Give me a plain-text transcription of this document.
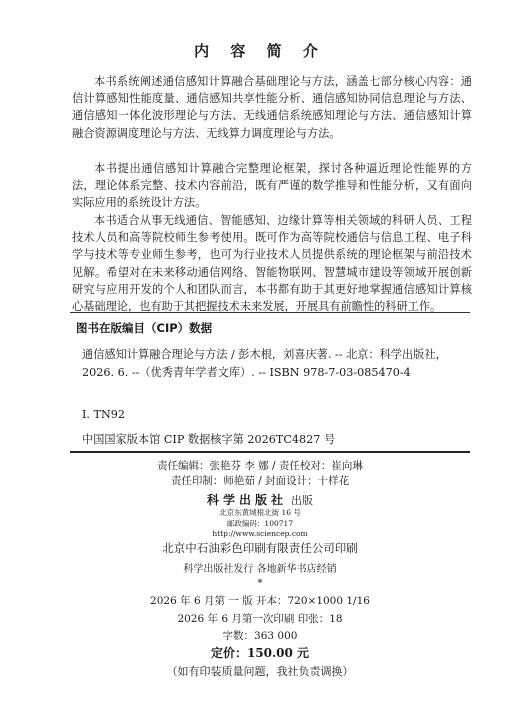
内 容 简 介

本书系统阐述通信感知计算融合基础理论与方法，涵盖七部分核心内容：通信计算感知性能度量、通信感知共享性能分析、通信感知协同信息理论与方法、通信感知一体化波形理论与方法、无线通信系统感知理论与方法、通信感知计算融合资源调度理论与方法、无线算力调度理论与方法。

本书提出通信感知计算融合完整理论框架，探讨各种逼近理论性能界的方法，理论体系完整、技术内容前沿，既有严谨的数学推导和性能分析，又有面向实际应用的系统设计方法。

本书适合从事无线通信、智能感知、边缘计算等相关领域的科研人员、工程技术人员和高等院校师生参考使用。既可作为高等院校通信与信息工程、电子科学与技术等专业师生参考，也可为行业技术人员提供系统的理论框架与前沿技术见解。希望对在未来移动通信网络、智能物联网、智慧城市建设等领域开展创新研究与应用开发的个人和团队而言，本书都有助于其更好地掌握通信感知计算核心基础理论，也有助于其把握技术未来发展，开展具有前瞻性的科研工作。

图书在版编目（CIP）数据

通信感知计算融合理论与方法 / 彭木根，刘喜庆著. -- 北京：科学出版社，2026. 6. --（优秀青年学者文库）. -- ISBN 978-7-03-085470-4

Ⅰ. TN92
中国国家版本馆 CIP 数据核字第 2026TC4827 号
责任编辑：张艳芬 李 娜 / 责任校对：崔向琳
责任印制：师艳茹 / 封面设计：十样花
科学出版社 出版
北京东黄城根北街 16 号
邮政编码：100717
http://www.sciencep.com
北京中石油彩色印刷有限责任公司印刷
科学出版社发行 各地新华书店经销
*
2026 年 6 月第 一 版 开本：720×1000 1/16
2026 年 6 月第一次印刷 印张：18
字数：363 000
定价：150.00 元
（如有印装质量问题，我社负责调换）
